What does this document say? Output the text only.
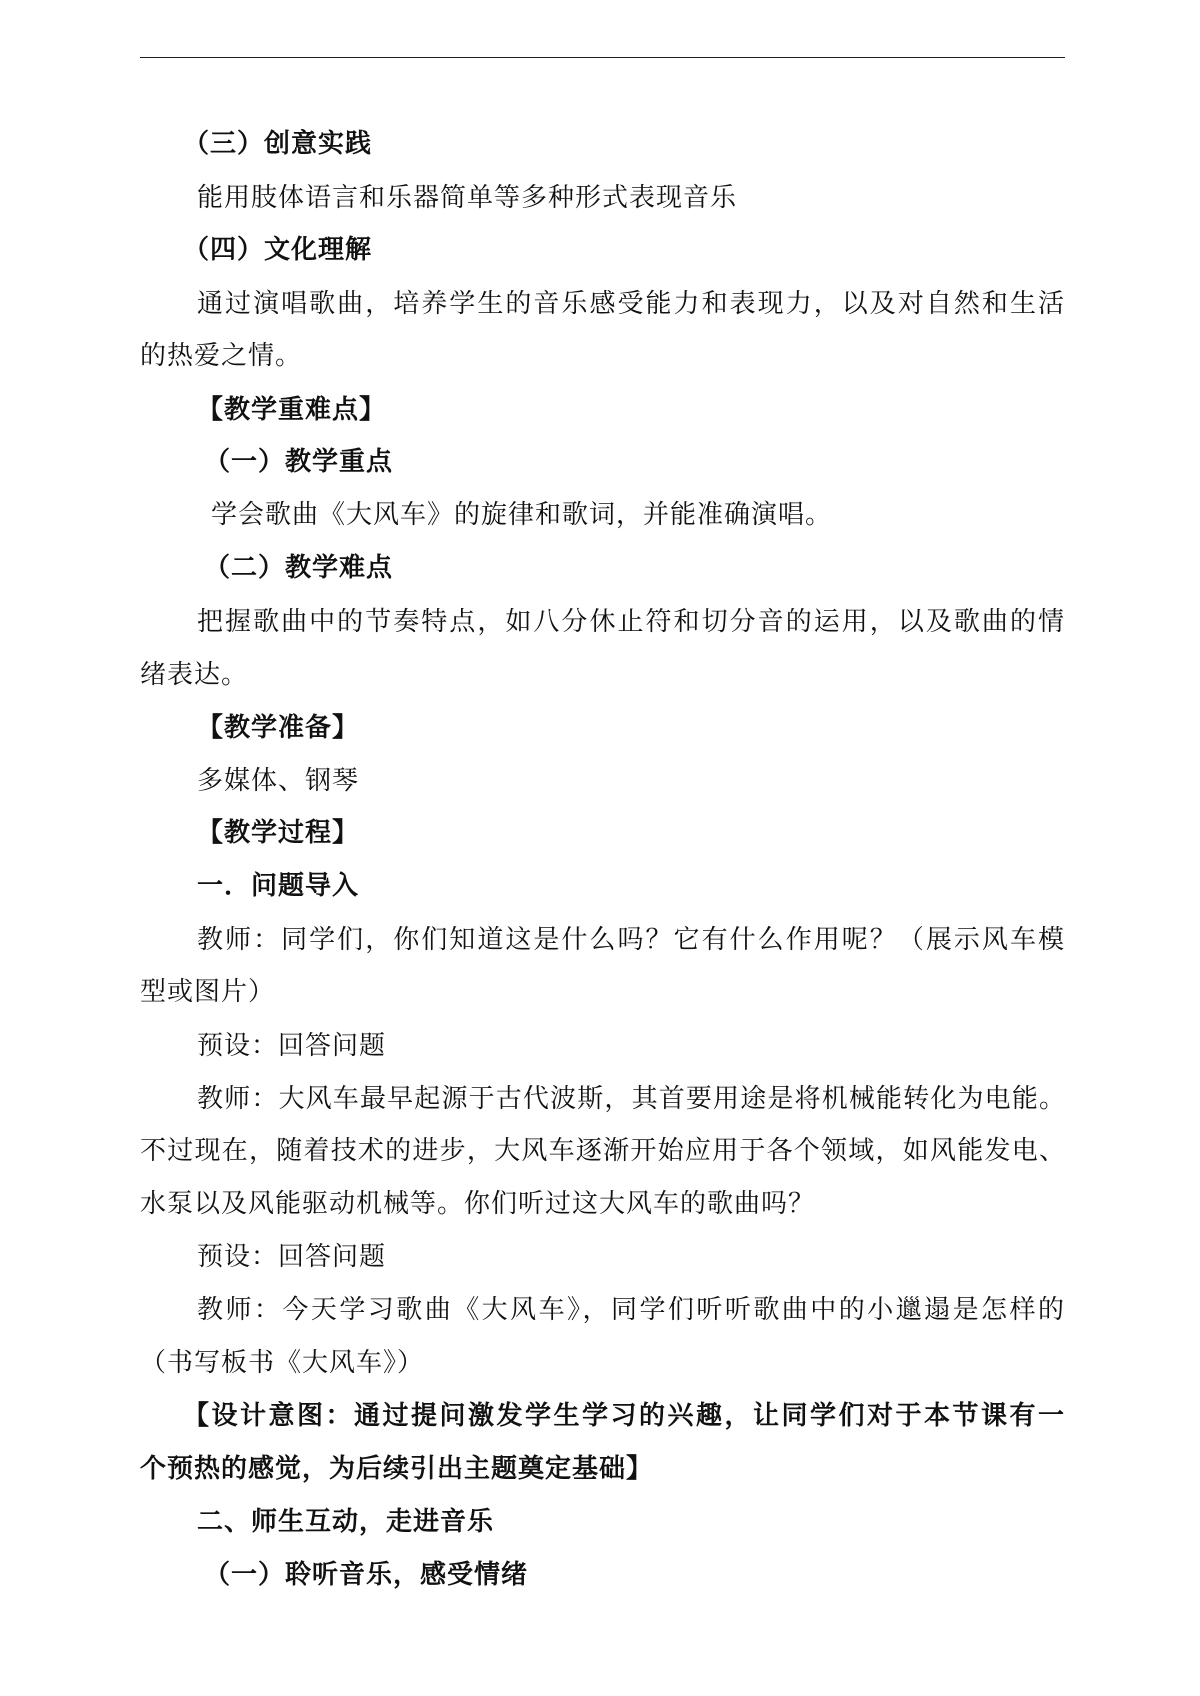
（三）创意实践
能用肢体语言和乐器简单等多种形式表现音乐
（四）文化理解
通过演唱歌曲，培养学生的音乐感受能力和表现力，以及对自然和生活
的热爱之情。
【教学重难点】
（一）教学重点
学会歌曲《大风车》的旋律和歌词，并能准确演唱。
（二）教学难点
把握歌曲中的节奏特点，如八分休止符和切分音的运用，以及歌曲的情
绪表达。
【教学准备】
多媒体、钢琴
【教学过程】
一．问题导入
教师：同学们，你们知道这是什么吗？它有什么作用呢？（展示风车模
型或图片）
预设：回答问题
教师：大风车最早起源于古代波斯，其首要用途是将机械能转化为电能。
不过现在，随着技术的进步，大风车逐渐开始应用于各个领域，如风能发电、
水泵以及风能驱动机械等。你们听过这大风车的歌曲吗？
预设：回答问题
教师：今天学习歌曲《大风车》，同学们听听歌曲中的小邋遢是怎样的
（书写板书《大风车》）
【设计意图：通过提问激发学生学习的兴趣，让同学们对于本节课有一
个预热的感觉，为后续引出主题奠定基础】
二、师生互动，走进音乐
（一）聆听音乐，感受情绪
